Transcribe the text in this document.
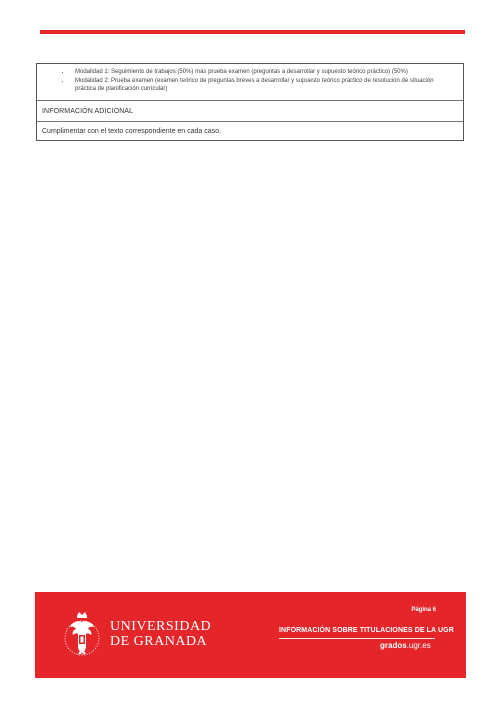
• Modalidad 1: Seguimiento de trabajos (50%) más prueba examen (preguntas a desarrollar y supuesto teórico práctico) (50%)
• Modalidad 2: Prueba examen (examen teórico de preguntas breves a desarrollar y supuesto teórico práctico de resolución de situación práctica de planificación curricular)
INFORMACIÓN ADICIONAL
Cumplimentar con el texto correspondiente en cada caso.
Página 6
UNIVERSIDAD
DE GRANADA
INFORMACIÓN SOBRE TITULACIONES DE LA UGR
grados.ugr.es
